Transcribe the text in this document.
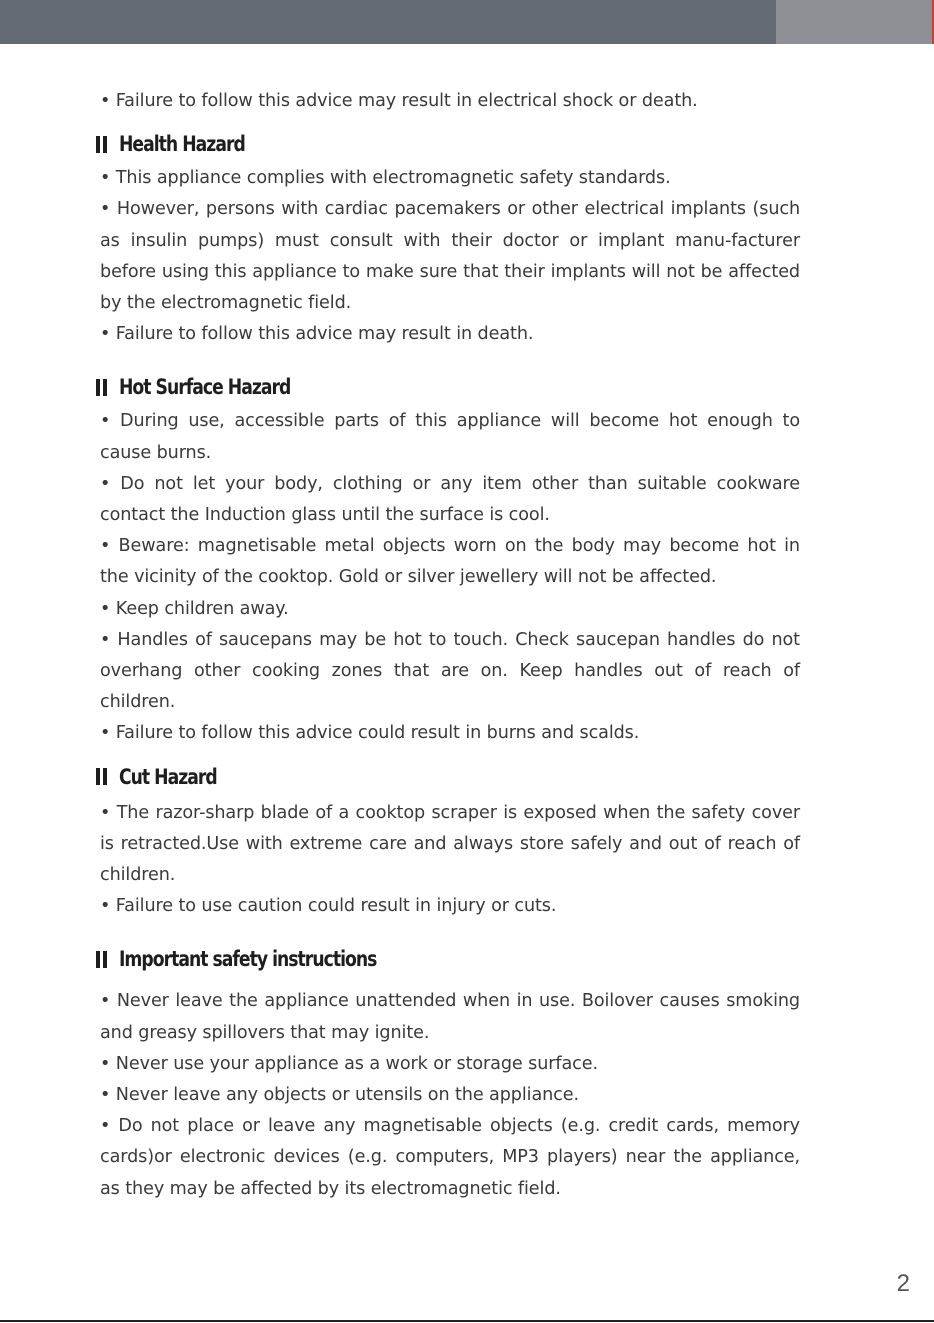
• Failure to follow this advice may result in electrical shock or death.

Health Hazard

• This appliance complies with electromagnetic safety standards.

• However, persons with cardiac pacemakers or other electrical implants (such as insulin pumps) must consult with their doctor or implant manu-facturer before using this appliance to make sure that their implants will not be affected by the electromagnetic field.

• Failure to follow this advice may result in death.

Hot Surface Hazard

• During use, accessible parts of this appliance will become hot enough to cause burns.

• Do not let your body, clothing or any item other than suitable cookware contact the Induction glass until the surface is cool.

• Beware: magnetisable metal objects worn on the body may become hot in the vicinity of the cooktop. Gold or silver jewellery will not be affected.

• Keep children away.

• Handles of saucepans may be hot to touch. Check saucepan handles do not overhang other cooking zones that are on. Keep handles out of reach of children.

• Failure to follow this advice could result in burns and scalds.

Cut Hazard

• The razor-sharp blade of a cooktop scraper is exposed when the safety cover is retracted.Use with extreme care and always store safely and out of reach of children.

• Failure to use caution could result in injury or cuts.

Important safety instructions

• Never leave the appliance unattended when in use. Boilover causes smoking and greasy spillovers that may ignite.

• Never use your appliance as a work or storage surface.

• Never leave any objects or utensils on the appliance.

• Do not place or leave any magnetisable objects (e.g. credit cards, memory cards)or electronic devices (e.g. computers, MP3 players) near the appliance, as they may be affected by its electromagnetic field.

2
